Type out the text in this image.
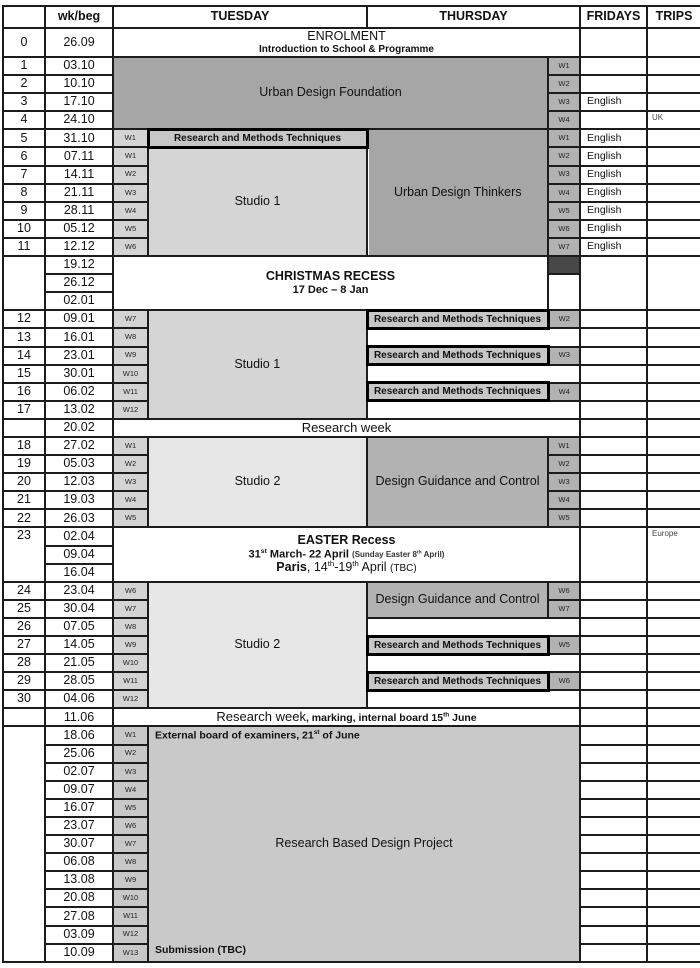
	wk/beg	TUESDAY		THURSDAY		FRIDAYS	TRIPS
0	26.09	ENROLMENT
Introduction to School & Programme					

1	03.10	Urban Design Foundation			W1		
2	10.10				W2		
3	17.10				W3	English	
4	24.10				W4		UK
5	31.10	W1	Research and Methods Techniques	Urban Design Thinkers	W1	English	
6	07.11	W1	Studio 1		W2	English	
7	14.11	W2			W3	English	
8	21.11	W3			W4	English	
9	28.11	W4			W5	English	
10	05.12	W5			W6	English	
11	12.12	W6			W7	English	
	19.12	CHRISTMAS RECESS
17 Dec – 8 Jan					

	26.12						
	02.01						
12	09.01	W7	Studio 1	Research and Methods Techniques	W2		
13	16.01	W8					
14	23.01	W9		Research and Methods Techniques	W3		
15	30.01	W10					
16	06.02	W11		Research and Methods Techniques	W4		
17	13.02	W12					
	20.02	Research week					
18	27.02	W1	Studio 2	Design Guidance and Control	W1		
19	05.03	W2			W2		
20	12.03	W3			W3		
21	19.03	W4			W4		
22	26.03	W5			W5		
23	02.04	EASTER Recess
31st March- 22 April (Sunday Easter 8th April)
Paris, 14th-19th April (TBC)					Europe
	09.04						
	16.04						
24	23.04	W6	Studio 2	Design Guidance and Control	W6		
25	30.04	W7			W7		
26	07.05	W8					
27	14.05	W9		Research and Methods Techniques	W5		
28	21.05	W10					
29	28.05	W11		Research and Methods Techniques	W6		
30	04.06	W12					
	11.06	Research week, marking, internal board 15th June					
	18.06	W1	External board of examiners, 21st of June
Research Based Design Project
Submission (TBC)				

	25.06	W2					
	02.07	W3					
	09.07	W4					
	16.07	W5					
	23.07	W6					
	30.07	W7					
	06.08	W8					
	13.08	W9					
	20.08	W10					
	27.08	W11					
	03.09	W12					
	10.09	W13					
